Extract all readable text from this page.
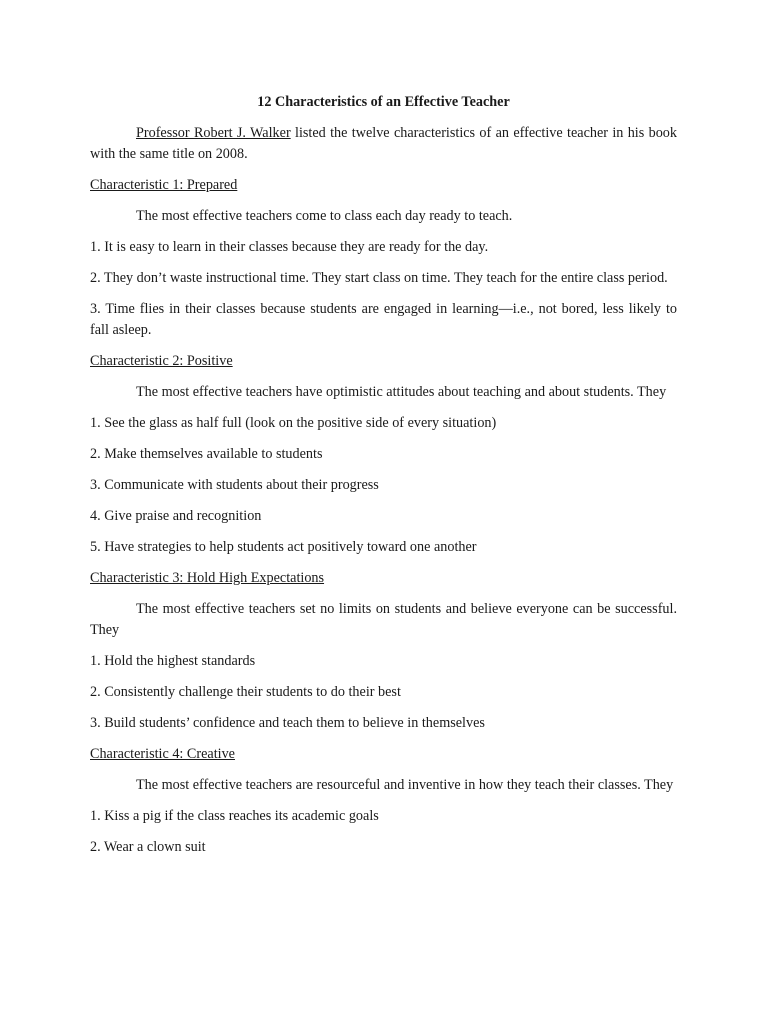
12 Characteristics of an Effective Teacher

Professor Robert J. Walker listed the twelve characteristics of an effective teacher in his book with the same title on 2008.

Characteristic 1: Prepared

The most effective teachers come to class each day ready to teach.

1. It is easy to learn in their classes because they are ready for the day.

2. They don’t waste instructional time. They start class on time. They teach for the entire class period.

3. Time flies in their classes because students are engaged in learning—i.e., not bored, less likely to fall asleep.

Characteristic 2: Positive

The most effective teachers have optimistic attitudes about teaching and about students. They

1. See the glass as half full (look on the positive side of every situation)

2. Make themselves available to students

3. Communicate with students about their progress

4. Give praise and recognition

5. Have strategies to help students act positively toward one another

Characteristic 3: Hold High Expectations

The most effective teachers set no limits on students and believe everyone can be successful. They

1. Hold the highest standards

2. Consistently challenge their students to do their best

3. Build students’ confidence and teach them to believe in themselves

Characteristic 4: Creative

The most effective teachers are resourceful and inventive in how they teach their classes. They

1. Kiss a pig if the class reaches its academic goals

2. Wear a clown suit
